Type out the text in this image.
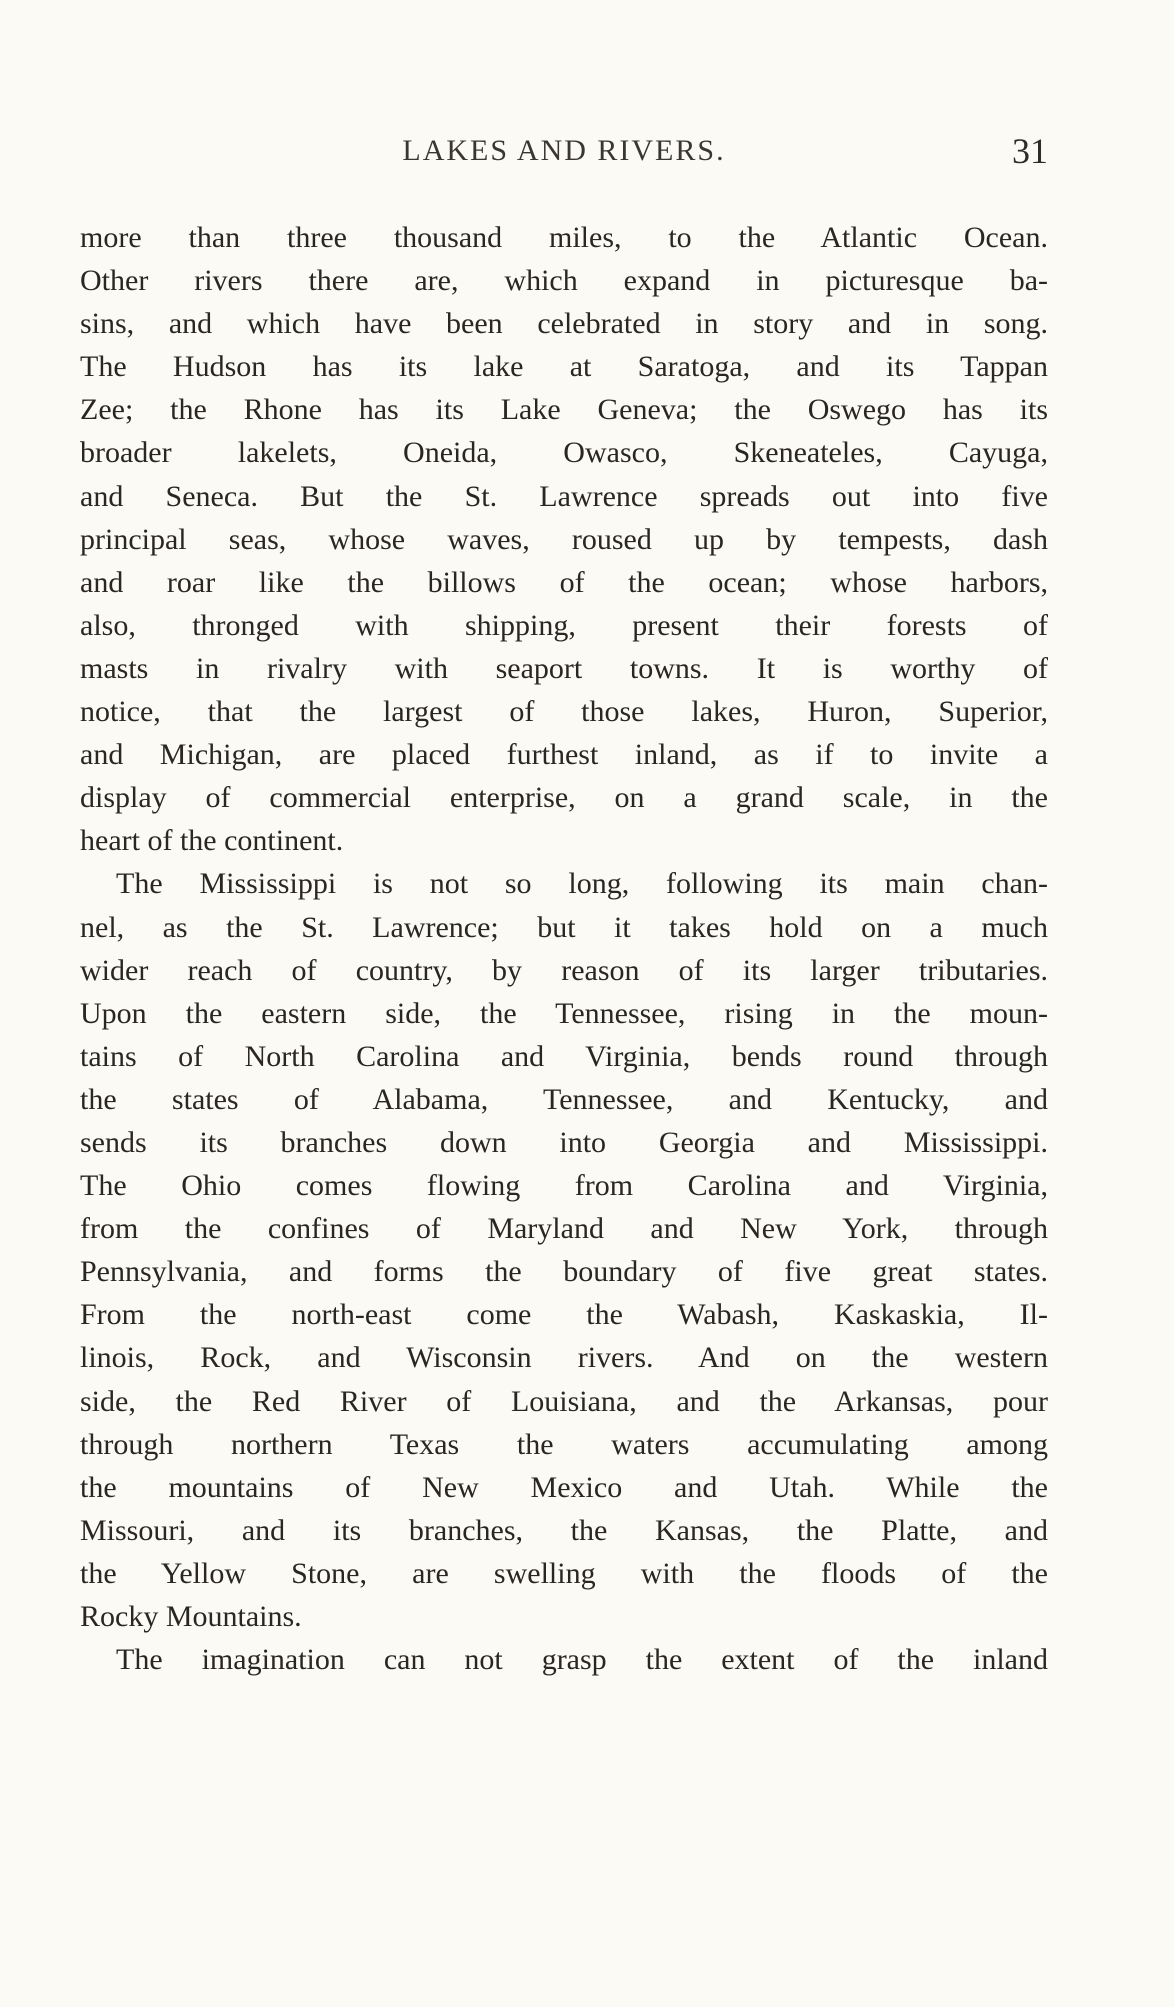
LAKES AND RIVERS.	31
more than three thousand miles, to the Atlantic Ocean.
Other rivers there are, which expand in picturesque ba-
sins, and which have been celebrated in story and in song.
The Hudson has its lake at Saratoga, and its Tappan
Zee; the Rhone has its Lake Geneva; the Oswego has its
broader lakelets, Oneida, Owasco, Skeneateles, Cayuga,
and Seneca. But the St. Lawrence spreads out into five
principal seas, whose waves, roused up by tempests, dash
and roar like the billows of the ocean; whose harbors,
also, thronged with shipping, present their forests of
masts in rivalry with seaport towns. It is worthy of
notice, that the largest of those lakes, Huron, Superior,
and Michigan, are placed furthest inland, as if to invite a
display of commercial enterprise, on a grand scale, in the
heart of the continent.
The Mississippi is not so long, following its main chan-
nel, as the St. Lawrence; but it takes hold on a much
wider reach of country, by reason of its larger tributaries.
Upon the eastern side, the Tennessee, rising in the moun-
tains of North Carolina and Virginia, bends round through
the states of Alabama, Tennessee, and Kentucky, and
sends its branches down into Georgia and Mississippi.
The Ohio comes flowing from Carolina and Virginia,
from the confines of Maryland and New York, through
Pennsylvania, and forms the boundary of five great states.
From the north-east come the Wabash, Kaskaskia, Il-
linois, Rock, and Wisconsin rivers. And on the western
side, the Red River of Louisiana, and the Arkansas, pour
through northern Texas the waters accumulating among
the mountains of New Mexico and Utah. While the
Missouri, and its branches, the Kansas, the Platte, and
the Yellow Stone, are swelling with the floods of the
Rocky Mountains.
The imagination can not grasp the extent of the inland
